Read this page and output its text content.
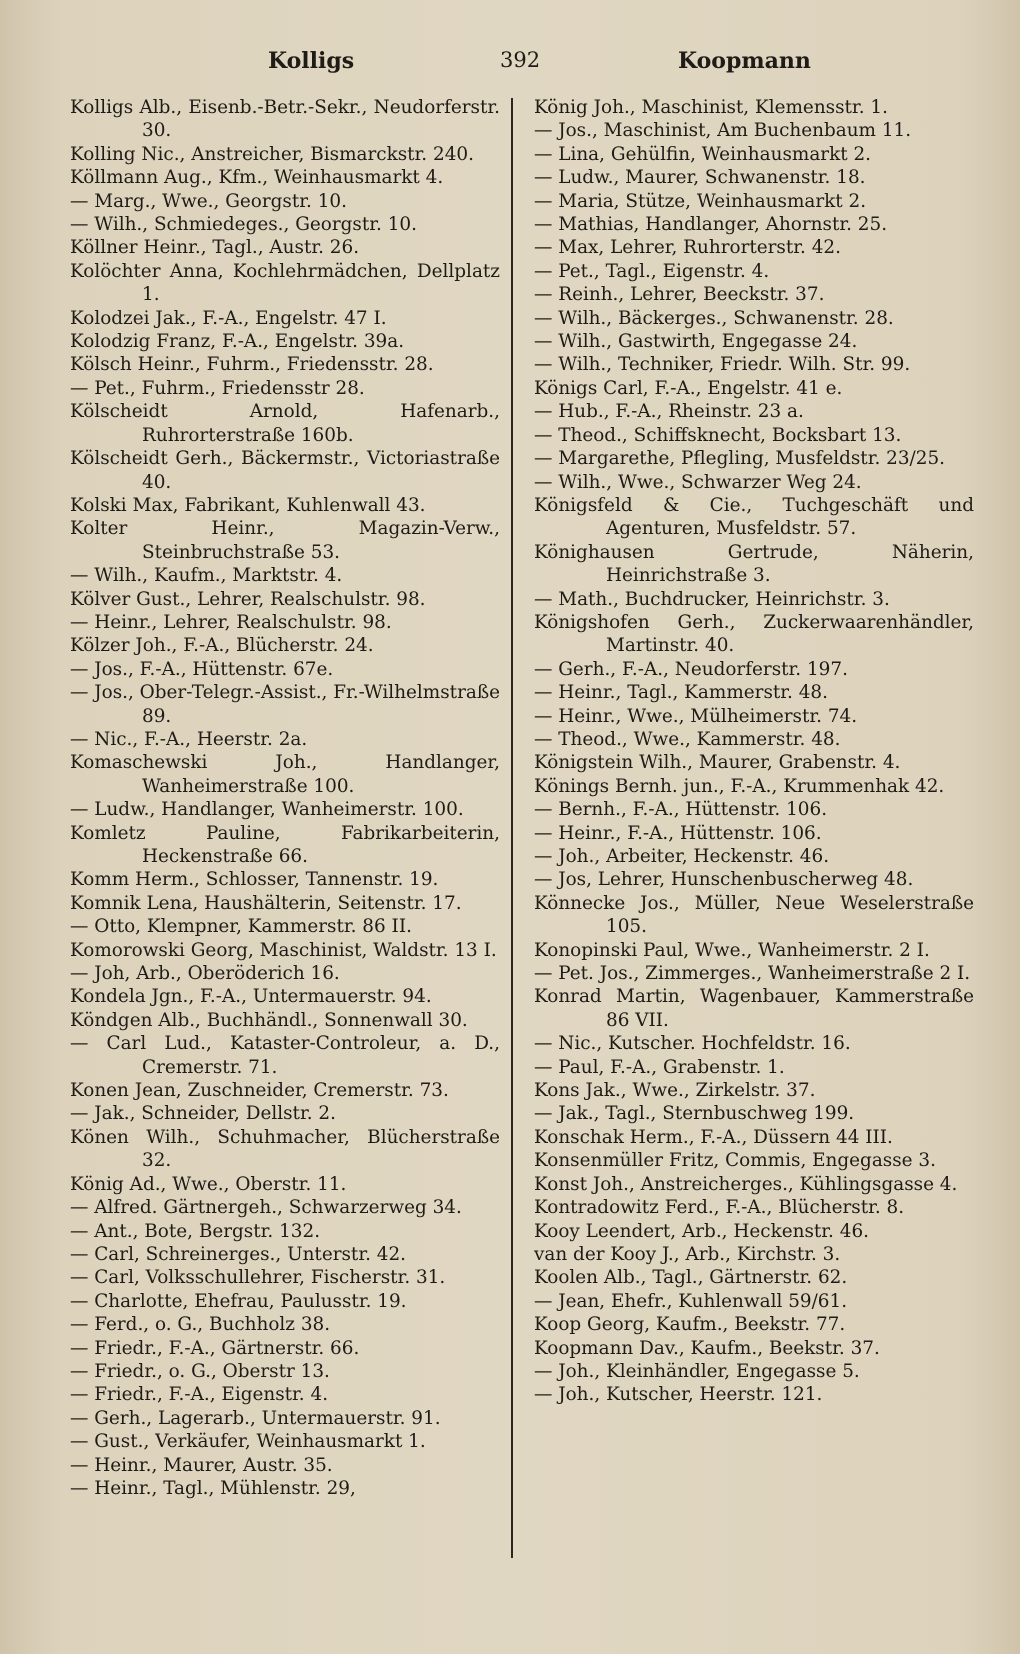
Kolligs	392	Koopmann
Kolligs Alb., Eisenb.-Betr.-Sekr., Neudorferstr. 30.
Kolling Nic., Anstreicher, Bismarckstr. 240.
Köllmann Aug., Kfm., Weinhausmarkt 4.
— Marg., Wwe., Georgstr. 10.
— Wilh., Schmiedeges., Georgstr. 10.
Köllner Heinr., Tagl., Austr. 26.
Kolöchter Anna, Kochlehrmädchen, Dellplatz 1.
Kolodzei Jak., F.-A., Engelstr. 47 I.
Kolodzig Franz, F.-A., Engelstr. 39a.
Kölsch Heinr., Fuhrm., Friedensstr. 28.
— Pet., Fuhrm., Friedensstr 28.
Kölscheidt Arnold, Hafenarb., Ruhrorterstraße 160b.
Kölscheidt Gerh., Bäckermstr., Victoriastraße 40.
Kolski Max, Fabrikant, Kuhlenwall 43.
Kolter Heinr., Magazin-Verw., Steinbruchstraße 53.
— Wilh., Kaufm., Marktstr. 4.
Kölver Gust., Lehrer, Realschulstr. 98.
— Heinr., Lehrer, Realschulstr. 98.
Kölzer Joh., F.-A., Blücherstr. 24.
— Jos., F.-A., Hüttenstr. 67e.
— Jos., Ober-Telegr.-Assist., Fr.-Wilhelmstraße 89.
— Nic., F.-A., Heerstr. 2a.
Komaschewski Joh., Handlanger, Wanheimerstraße 100.
— Ludw., Handlanger, Wanheimerstr. 100.
Komletz Pauline, Fabrikarbeiterin, Heckenstraße 66.
Komm Herm., Schlosser, Tannenstr. 19.
Komnik Lena, Haushälterin, Seitenstr. 17.
— Otto, Klempner, Kammerstr. 86 II.
Komorowski Georg, Maschinist, Waldstr. 13 I.
— Joh, Arb., Oberöderich 16.
Kondela Jgn., F.-A., Untermauerstr. 94.
Köndgen Alb., Buchhändl., Sonnenwall 30.
— Carl Lud., Kataster-Controleur, a. D., Cremerstr. 71.
Konen Jean, Zuschneider, Cremerstr. 73.
— Jak., Schneider, Dellstr. 2.
Könen Wilh., Schuhmacher, Blücherstraße 32.
König Ad., Wwe., Oberstr. 11.
— Alfred. Gärtnergeh., Schwarzerweg 34.
— Ant., Bote, Bergstr. 132.
— Carl, Schreinerges., Unterstr. 42.
— Carl, Volksschullehrer, Fischerstr. 31.
— Charlotte, Ehefrau, Paulusstr. 19.
— Ferd., o. G., Buchholz 38.
— Friedr., F.-A., Gärtnerstr. 66.
— Friedr., o. G., Oberstr 13.
— Friedr., F.-A., Eigenstr. 4.
— Gerh., Lagerarb., Untermauerstr. 91.
— Gust., Verkäufer, Weinhausmarkt 1.
— Heinr., Maurer, Austr. 35.
— Heinr., Tagl., Mühlenstr. 29,
König Joh., Maschinist, Klemensstr. 1.
— Jos., Maschinist, Am Buchenbaum 11.
— Lina, Gehülfin, Weinhausmarkt 2.
— Ludw., Maurer, Schwanenstr. 18.
— Maria, Stütze, Weinhausmarkt 2.
— Mathias, Handlanger, Ahornstr. 25.
— Max, Lehrer, Ruhrorterstr. 42.
— Pet., Tagl., Eigenstr. 4.
— Reinh., Lehrer, Beeckstr. 37.
— Wilh., Bäckerges., Schwanenstr. 28.
— Wilh., Gastwirth, Engegasse 24.
— Wilh., Techniker, Friedr. Wilh. Str. 99.
Königs Carl, F.-A., Engelstr. 41 e.
— Hub., F.-A., Rheinstr. 23 a.
— Theod., Schiffsknecht, Bocksbart 13.
— Margarethe, Pflegling, Musfeldstr. 23/25.
— Wilh., Wwe., Schwarzer Weg 24.
Königsfeld & Cie., Tuchgeschäft und Agenturen, Musfeldstr. 57.
Könighausen Gertrude, Näherin, Heinrichstraße 3.
— Math., Buchdrucker, Heinrichstr. 3.
Königshofen Gerh., Zuckerwaarenhändler, Martinstr. 40.
— Gerh., F.-A., Neudorferstr. 197.
— Heinr., Tagl., Kammerstr. 48.
— Heinr., Wwe., Mülheimerstr. 74.
— Theod., Wwe., Kammerstr. 48.
Königstein Wilh., Maurer, Grabenstr. 4.
Könings Bernh. jun., F.-A., Krummenhak 42.
— Bernh., F.-A., Hüttenstr. 106.
— Heinr., F.-A., Hüttenstr. 106.
— Joh., Arbeiter, Heckenstr. 46.
— Jos, Lehrer, Hunschenbuscherweg 48.
Könnecke Jos., Müller, Neue Weselerstraße 105.
Konopinski Paul, Wwe., Wanheimerstr. 2 I.
— Pet. Jos., Zimmerges., Wanheimerstraße 2 I.
Konrad Martin, Wagenbauer, Kammerstraße 86 VII.
— Nic., Kutscher. Hochfeldstr. 16.
— Paul, F.-A., Grabenstr. 1.
Kons Jak., Wwe., Zirkelstr. 37.
— Jak., Tagl., Sternbuschweg 199.
Konschak Herm., F.-A., Düssern 44 III.
Konsenmüller Fritz, Commis, Engegasse 3.
Konst Joh., Anstreicherges., Kühlingsgasse 4.
Kontradowitz Ferd., F.-A., Blücherstr. 8.
Kooy Leendert, Arb., Heckenstr. 46.
van der Kooy J., Arb., Kirchstr. 3.
Koolen Alb., Tagl., Gärtnerstr. 62.
— Jean, Ehefr., Kuhlenwall 59/61.
Koop Georg, Kaufm., Beekstr. 77.
Koopmann Dav., Kaufm., Beekstr. 37.
— Joh., Kleinhändler, Engegasse 5.
— Joh., Kutscher, Heerstr. 121.
